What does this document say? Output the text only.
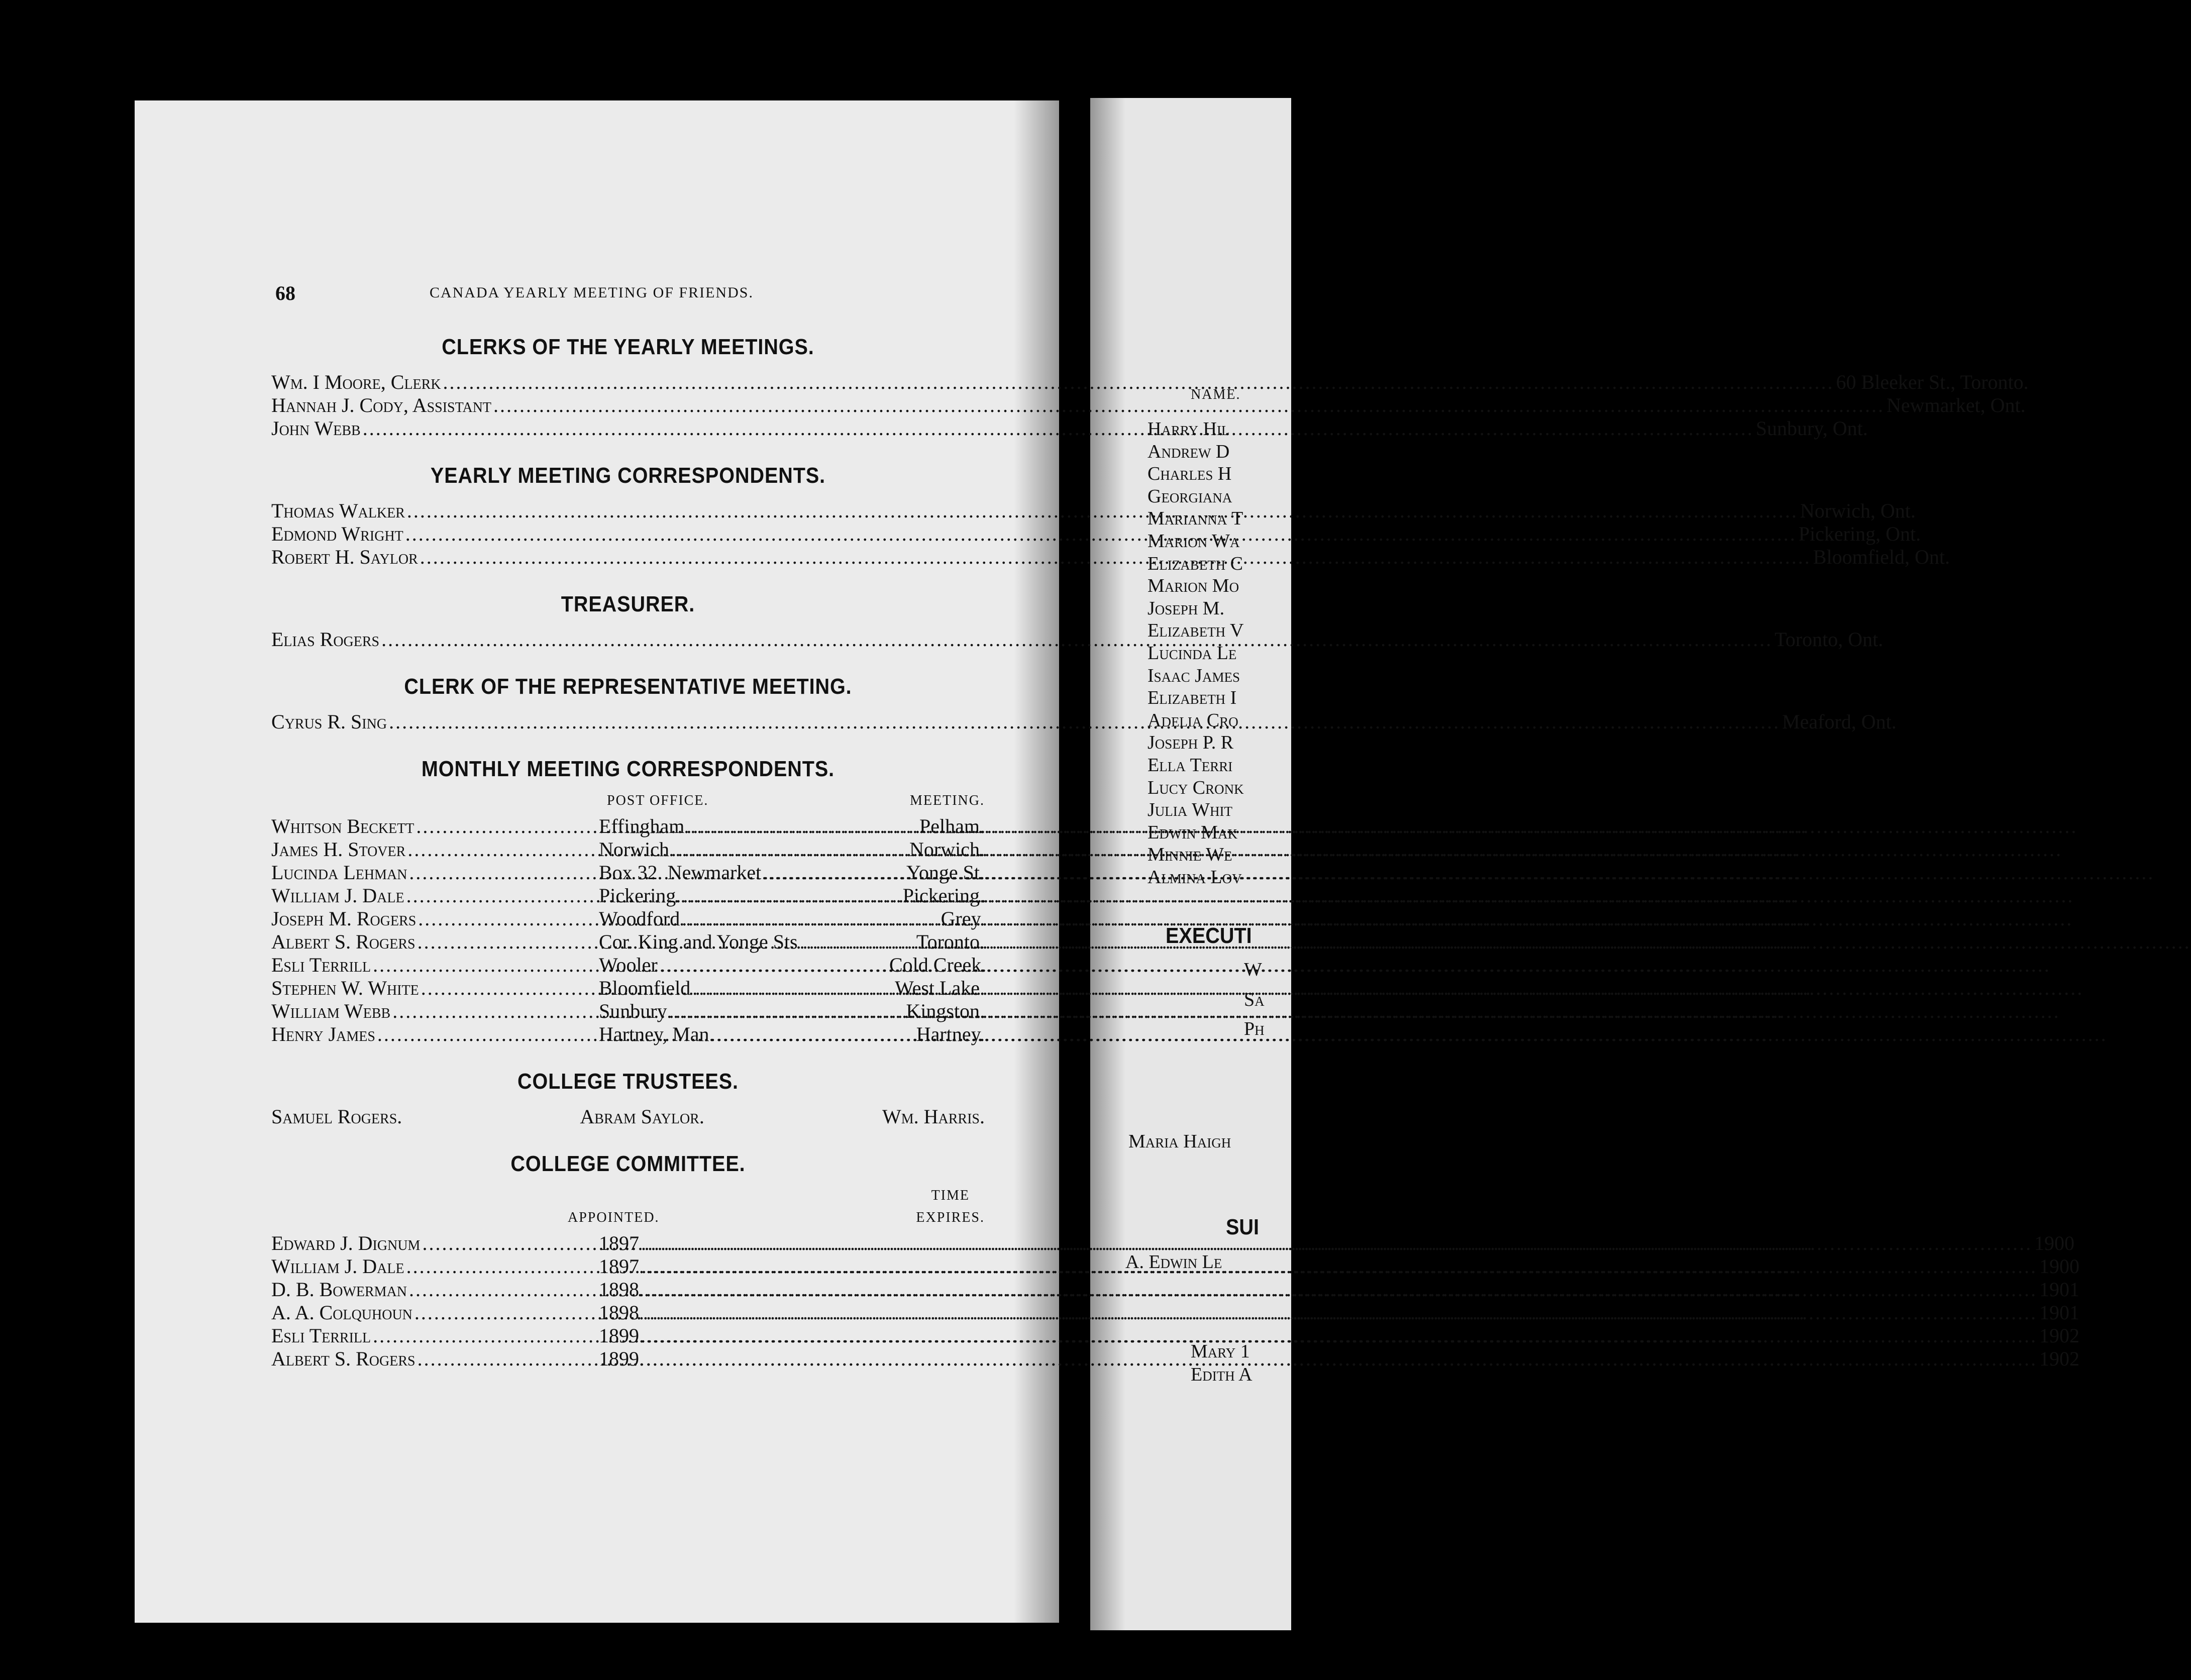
68	CANADA YEARLY MEETING OF FRIENDS.
CLERKS OF THE YEARLY MEETINGS.
Wm. I Moore, Clerk .....	60 Bleeker St., Toronto.
Hannah J. Cody, Assistant .....	Newmarket, Ont.
John Webb .....	Sunbury, Ont.
YEARLY MEETING CORRESPONDENTS.
Thomas Walker .....	Norwich, Ont.
Edmond Wright .....	Pickering, Ont.
Robert H. Saylor .....	Bloomfield, Ont.
TREASURER.
Elias Rogers .....	Toronto, Ont.
CLERK OF THE REPRESENTATIVE MEETING.
Cyrus R. Sing .....	Meaford, Ont.
MONTHLY MEETING CORRESPONDENTS.
POST OFFICE.	MEETING.
Whitson Beckett .....	Effingham .....	Pelham.
James H. Stover .....	Norwich .....	Norwich.
Lucinda Lehman .....	Box 32. Newmarket .....	Yonge St.
William J. Dale .....	Pickering. .....	Pickering.
Joseph M. Rogers .....	Woodford .....	Grey.
Albert S. Rogers .....	Cor. King and Yonge Sts .....	Toronto.
Esli Terrill .....	Wooler .....	Cold Creek.
Stephen W. White .....	Bloomfield .....	West Lake.
William Webb .....	Sunbury .....	Kingston.
Henry James .....	Hartney, Man. .....	Hartney.
COLLEGE TRUSTEES.
Samuel Rogers.	Abram Saylor.	Wm. Harris.
COLLEGE COMMITTEE.
APPOINTED.
TIME
EXPIRES.
Edward J. Dignum .....	1897 .....	1900
William J. Dale .....	1897. .....	1900
D. B. Bowerman .....	1898. .....	1901
A. A. Colquhoun .....	1898. .....	1901
Esli Terrill .....	1899. .....	1902
Albert S. Rogers .....	1899. .....	1902
NAME.
Harry Hil
Andrew D
Charles H
Georgiana
Marianna T
Marion Wa
Elizabeth C
Marion Mo
Joseph M.
Elizabeth V
Lucinda Le
Isaac James
Elizabeth I
Adelia Cro
Joseph P. R
Ella Terri
Lucy Cronk
Julia Whit
Edwin Mak
Minnie We
Almina Lov
EXECUTI
W
Sa
Ph
Maria Haigh
SUI
A. Edwin Le
Mary 1
Edith A
